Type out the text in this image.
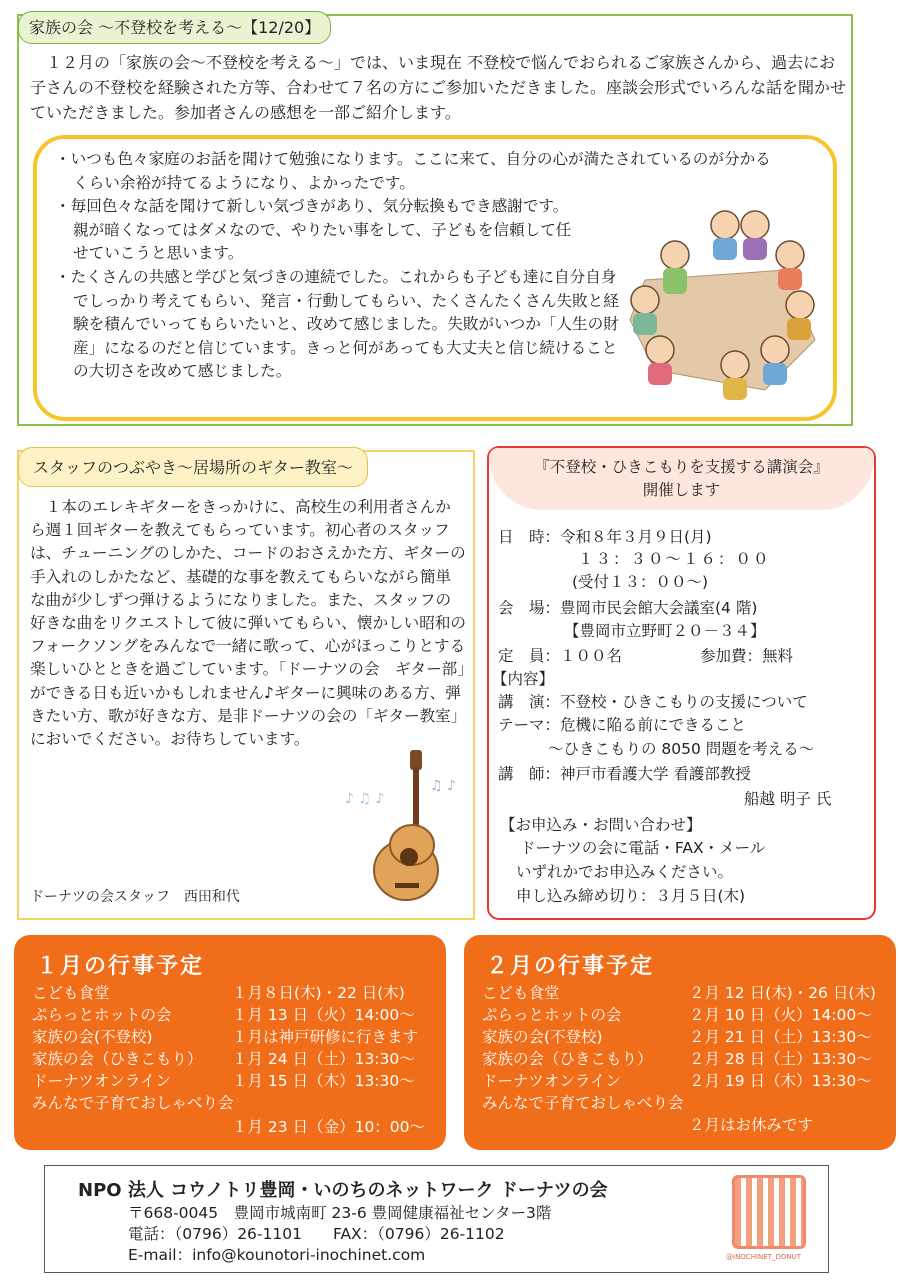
家族の会 ～不登校を考える～【12/20】
　１２月の「家族の会～不登校を考える～」では、いま現在 不登校で悩んでおられるご家族さんから、過去にお子さんの不登校を経験された方等、合わせて７名の方にご参加いただきました。座談会形式でいろんな話を聞かせていただきました。参加者さんの感想を一部ご紹介します。

・いつも色々家庭のお話を聞けて勉強になります。ここに来て、自分の心が満たされているのが分かるくらい余裕が持てるようになり、よかったです。

・毎回色々な話を聞けて新しい気づきがあり、気分転換もでき感謝です。親が暗くなってはダメなので、やりたい事をして、子どもを信頼して任せていこうと思います。

・たくさんの共感と学びと気づきの連続でした。これからも子ども達に自分自身でしっかり考えてもらい、発言・行動してもらい、たくさんたくさん失敗と経験を積んでいってもらいたいと、改めて感じました。失敗がいつか「人生の財産」になるのだと信じています。きっと何があっても大丈夫と信じ続けることの大切さを改めて感じました。

スタッフのつぶやき～居場所のギター教室～
　１本のエレキギターをきっかけに、高校生の利用者さんから週１回ギターを教えてもらっています。初心者のスタッフは、チューニングのしかた、コードのおさえかた方、ギターの手入れのしかたなど、基礎的な事を教えてもらいながら簡単な曲が少しずつ弾けるようになりました。また、スタッフの好きな曲をリクエストして彼に弾いてもらい、懐かしい昭和のフォークソングをみんなで一緒に歌って、心がほっこりとする楽しいひとときを過ごしています。「ドーナツの会　ギター部」ができる日も近いかもしれません♪ギターに興味のある方、弾きたい方、歌が好きな方、是非ドーナツの会の「ギター教室」においでください。お待ちしています。
ドーナツの会スタッフ　西田和代
♪ ♫ ♪
♫ ♪
『不登校・ひきこもりを支援する講演会』
開催します
日　時：令和８年３月９日(月)
１３：３０～１６：００
(受付１３：００～)
会　場：豊岡市民会館大会議室(4 階)
【豊岡市立野町２０－３４】
定　員：１００名	参加費：無料
【内容】
講　演：不登校・ひきこもりの支援について
テーマ：危機に陥る前にできること
～ひきこもりの 8050 問題を考える～
講　師：神戸市看護大学 看護部教授
船越 明子 氏
【お申込み・お問い合わせ】
ドーナツの会に電話・FAX・メール
いずれかでお申込みください。
申し込み締め切り：３月５日(木)
１月の行事予定
こども食堂	１月８日(木)・22 日(木)
ぷらっとホットの会	１月 13 日（火）14:00～
家族の会(不登校)	１月は神戸研修に行きます
家族の会（ひきこもり） １月 24 日（土）13:30～
ドーナツオンライン	１月 15 日（木）13:30～
みんなで子育ておしゃべり会
１月 23 日（金）10：00～
２月の行事予定
こども食堂	２月 12 日(木)・26 日(木)
ぷらっとホットの会	２月 10 日（火）14:00～
家族の会(不登校)	２月 21 日（土）13:30～
家族の会（ひきこもり） ２月 28 日（土）13:30～
ドーナツオンライン	２月 19 日（木）13:30～
みんなで子育ておしゃべり会
２月はお休みです
NPO 法人 コウノトリ豊岡・いのちのネットワーク ドーナツの会
〒668-0045　豊岡市城南町 23-6 豊岡健康福祉センター3階
電話：（0796）26-1101　　FAX：（0796）26-1102
E-mail：info@kounotori-inochinet.com	@INOCHINET_DONUT
